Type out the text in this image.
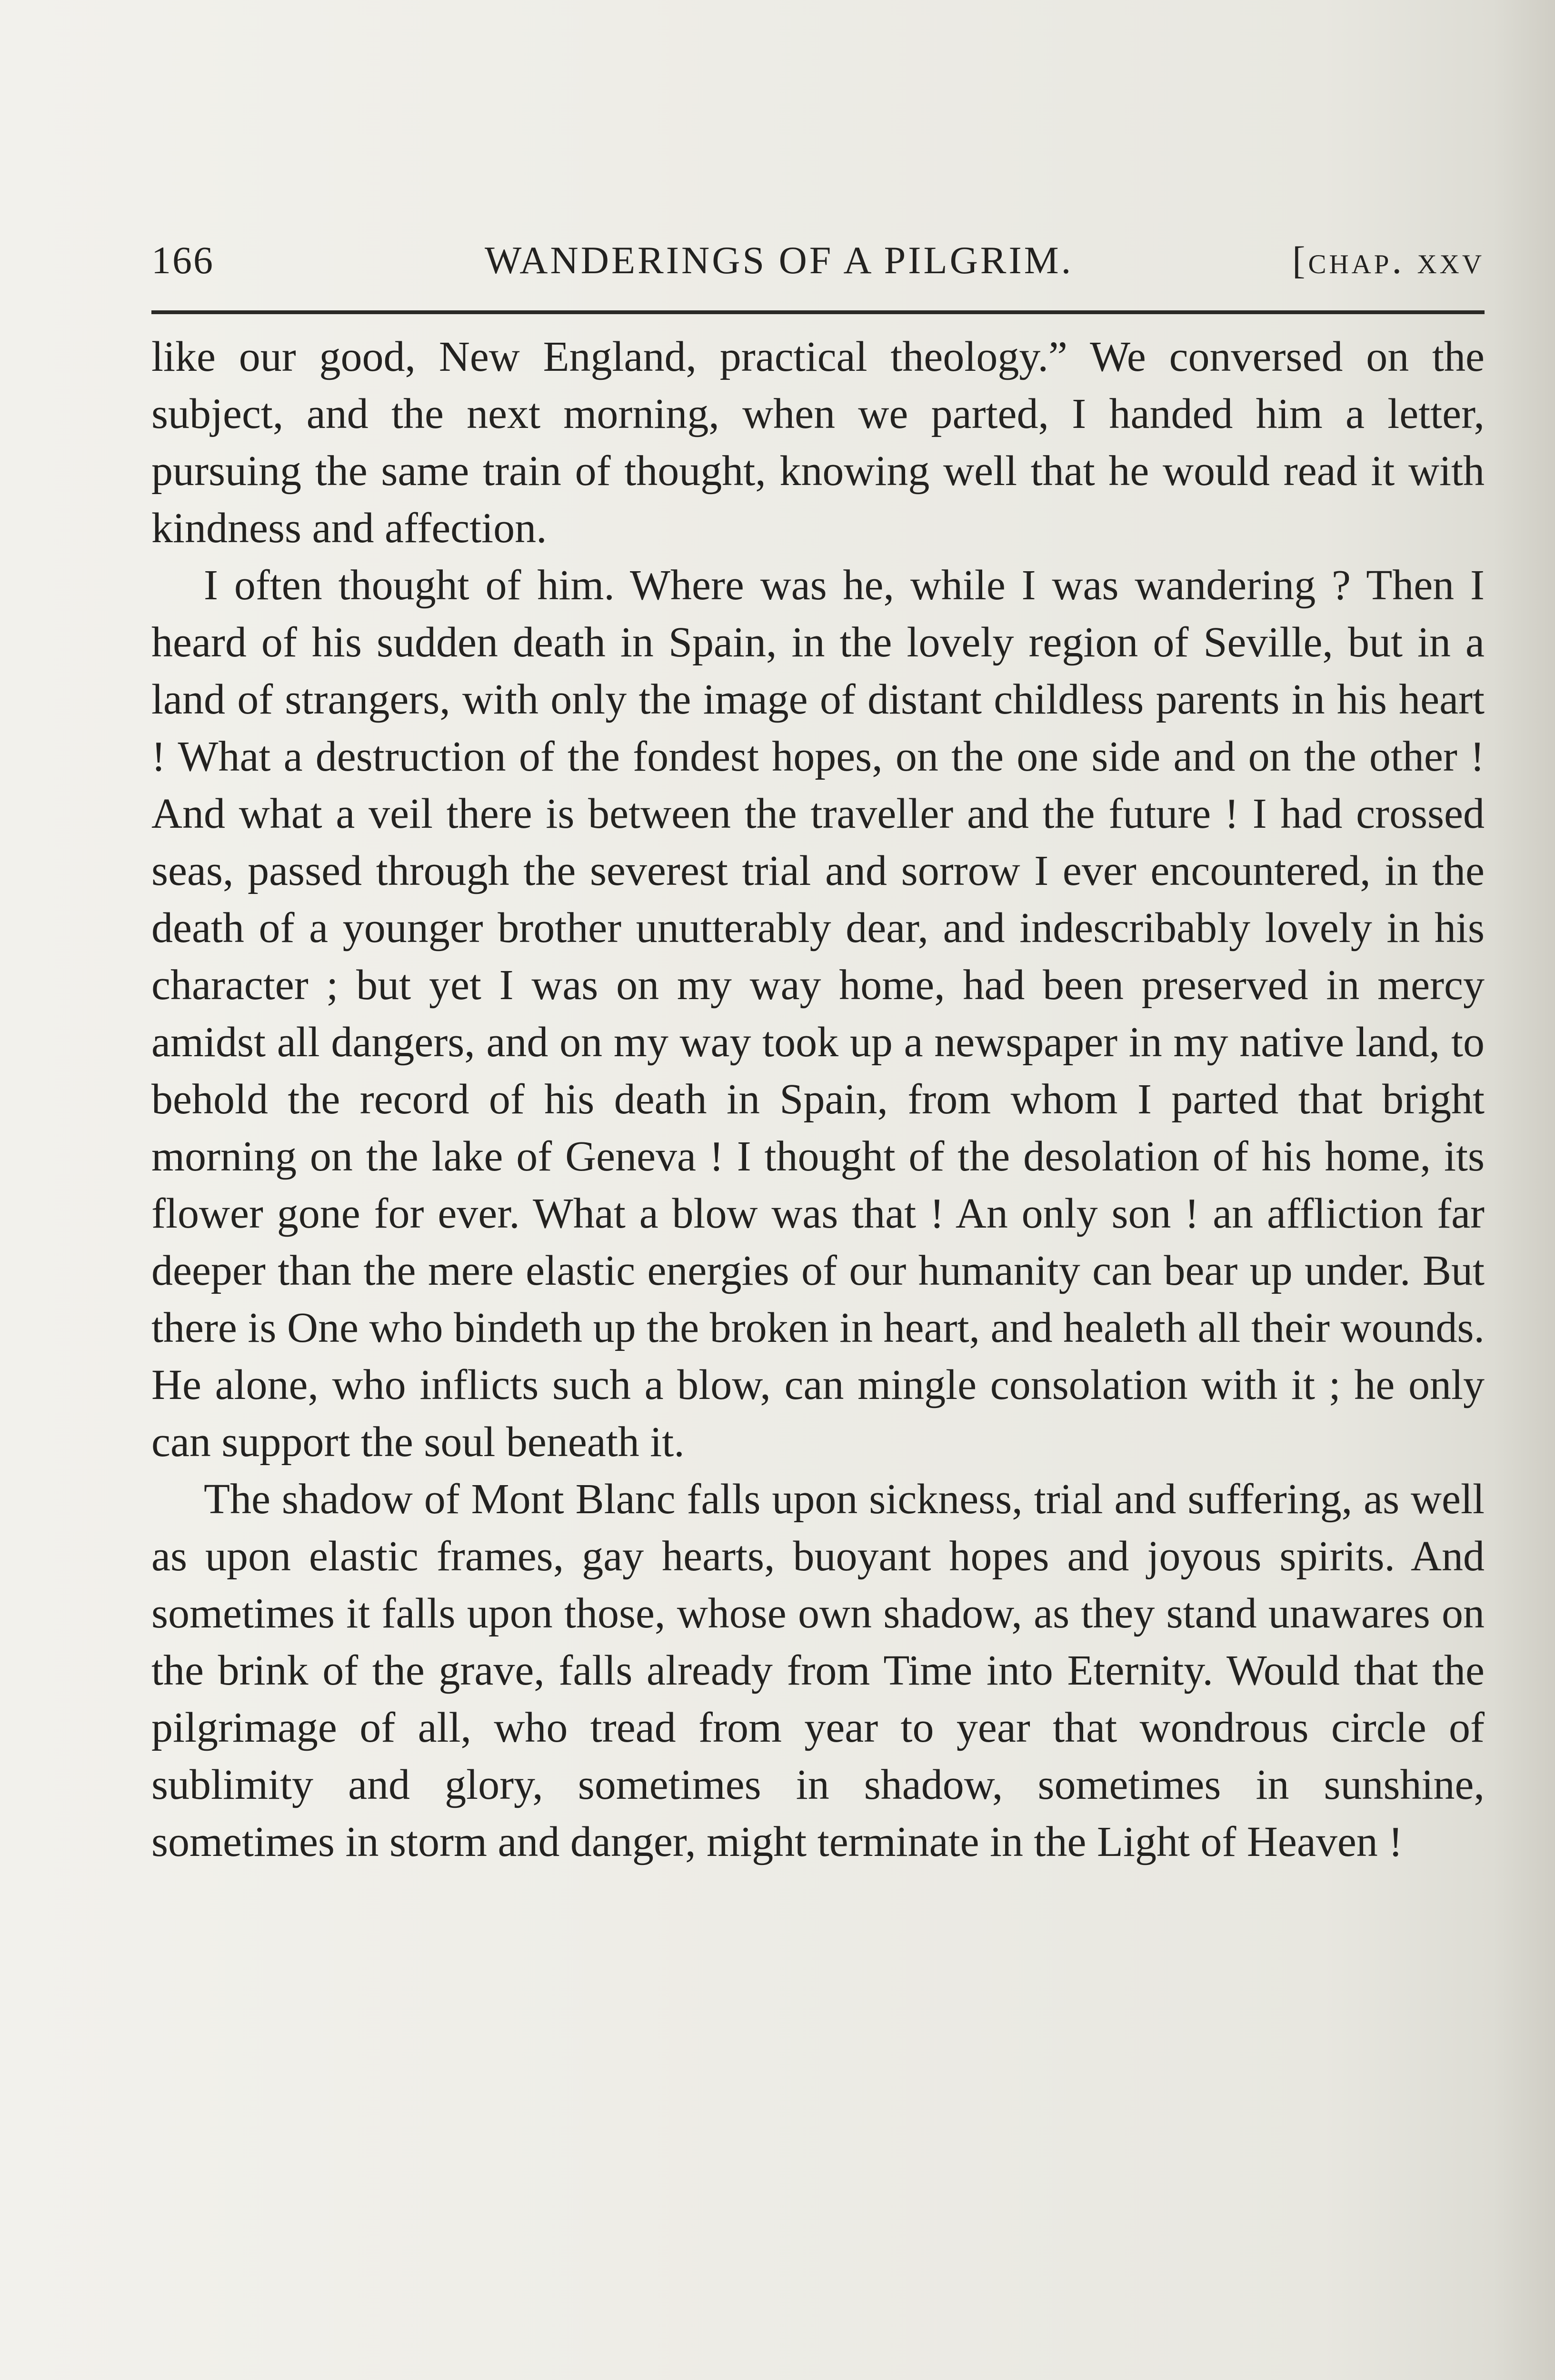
166	WANDERINGS OF A PILGRIM.	[chap. xxv

like our good, New England, practical theology.” We conversed on the subject, and the next morning, when we parted, I handed him a letter, pursuing the same train of thought, knowing well that he would read it with kindness and affection.

I often thought of him. Where was he, while I was wandering ? Then I heard of his sudden death in Spain, in the lovely region of Seville, but in a land of strangers, with only the image of distant childless parents in his heart ! What a destruction of the fondest hopes, on the one side and on the other ! And what a veil there is between the traveller and the future ! I had crossed seas, passed through the severest trial and sorrow I ever encountered, in the death of a younger brother unutterably dear, and indescribably lovely in his character ; but yet I was on my way home, had been preserved in mercy amidst all dangers, and on my way took up a newspaper in my native land, to behold the record of his death in Spain, from whom I parted that bright morning on the lake of Geneva ! I thought of the desolation of his home, its flower gone for ever. What a blow was that ! An only son ! an affliction far deeper than the mere elastic energies of our humanity can bear up under. But there is One who bindeth up the broken in heart, and healeth all their wounds. He alone, who inflicts such a blow, can mingle consolation with it ; he only can support the soul beneath it.

The shadow of Mont Blanc falls upon sickness, trial and suffering, as well as upon elastic frames, gay hearts, buoyant hopes and joyous spirits. And sometimes it falls upon those, whose own shadow, as they stand unawares on the brink of the grave, falls already from Time into Eternity. Would that the pilgrimage of all, who tread from year to year that wondrous circle of sublimity and glory, sometimes in shadow, sometimes in sunshine, sometimes in storm and danger, might terminate in the Light of Heaven !
